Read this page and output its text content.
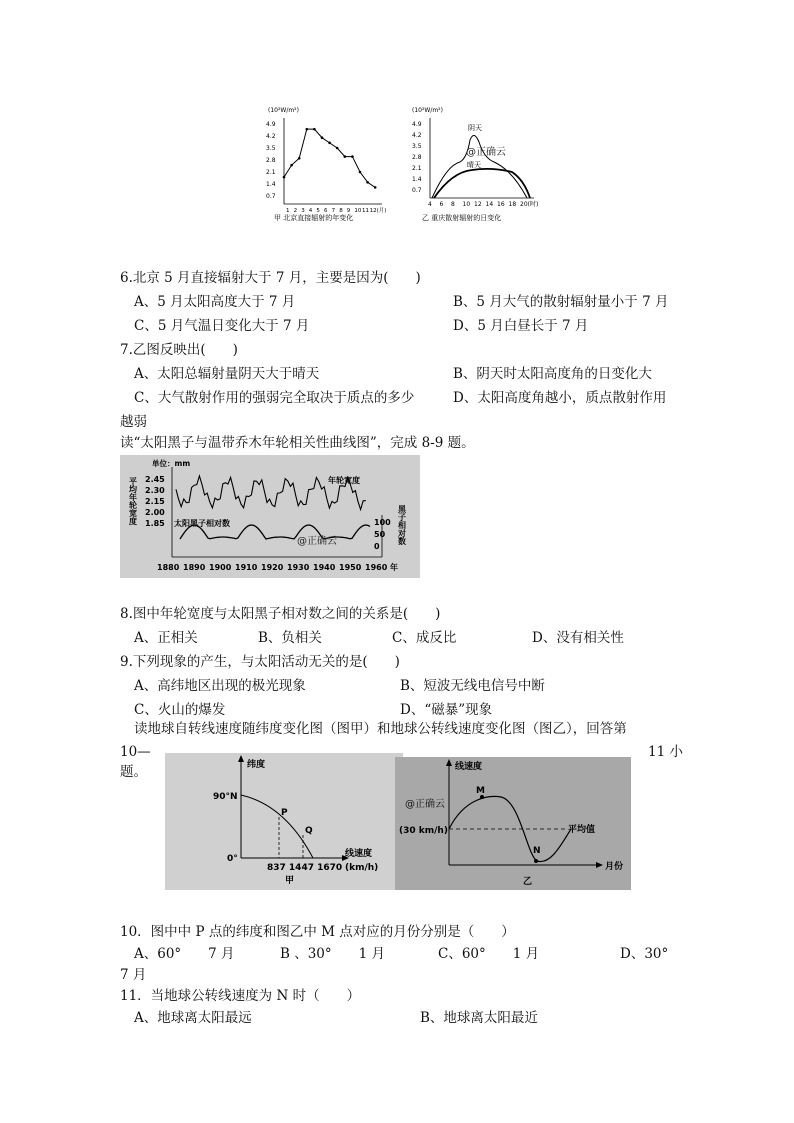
(10²W/m²)
4.9
4.2
3.5
2.8
2.1
1.4
0.7
1 2 3 4 5 6 7 8 9 10 11 12(月)
甲 北京直接辐射的年变化
(10²W/m²)
4.9
4.2
3.5
2.8
2.1
1.4
0.7
4 6 8 10 12 14 16 18 20(时)
阴天
晴天
@正确云
乙 重庆散射辐射的日变化
6.北京 5 月直接辐射大于 7 月，主要是因为(　　)
A、5 月太阳高度大于 7 月	B、5 月大气的散射辐射量小于 7 月
C、5 月气温日变化大于 7 月	D、5 月白昼长于 7 月
7.乙图反映出(　　)
A、太阳总辐射量阴天大于晴天	B、阴天时太阳高度角的日变化大
C、大气散射作用的强弱完全取决于质点的多少	D、太阳高度角越小，质点散射作用
越弱
读“太阳黑子与温带乔木年轮相关性曲线图”，完成 8-9 题。
单位：mm
平均年轮宽度 2.45
2.30
2.15
2.00
1.85
年轮宽度
太阳黑子相对数
@正确云
100
50
0
黑子相对数
1880 1890 1900 1910 1920 1930 1940 1950 1960 年
8.图中年轮宽度与太阳黑子相对数之间的关系是(　　)
A、正相关	B、负相关	C、成反比	D、没有相关性
9.下列现象的产生，与太阳活动无关的是(　　)
A、高纬地区出现的极光现象	B、短波无线电信号中断
C、火山的爆发	D、“磁暴”现象
读地球自转线速度随纬度变化图（图甲）和地球公转线速度变化图（图乙），回答第
10—	11 小
题。	纬度
90°N
0°
P
Q
线速度
(km/h)
837 1447 1670
甲
线速度
@正确云
(30 km/h)	平均值
M
N
月份
乙
10．图中中 P 点的纬度和图乙中 M 点对应的月份分别是（　　）
A、60°　　7 月	B 、30°　　1 月	C、60°　　1 月	D、30°
7 月
11．当地球公转线速度为 N 时（　　）
A、地球离太阳最远	B、地球离太阳最近
